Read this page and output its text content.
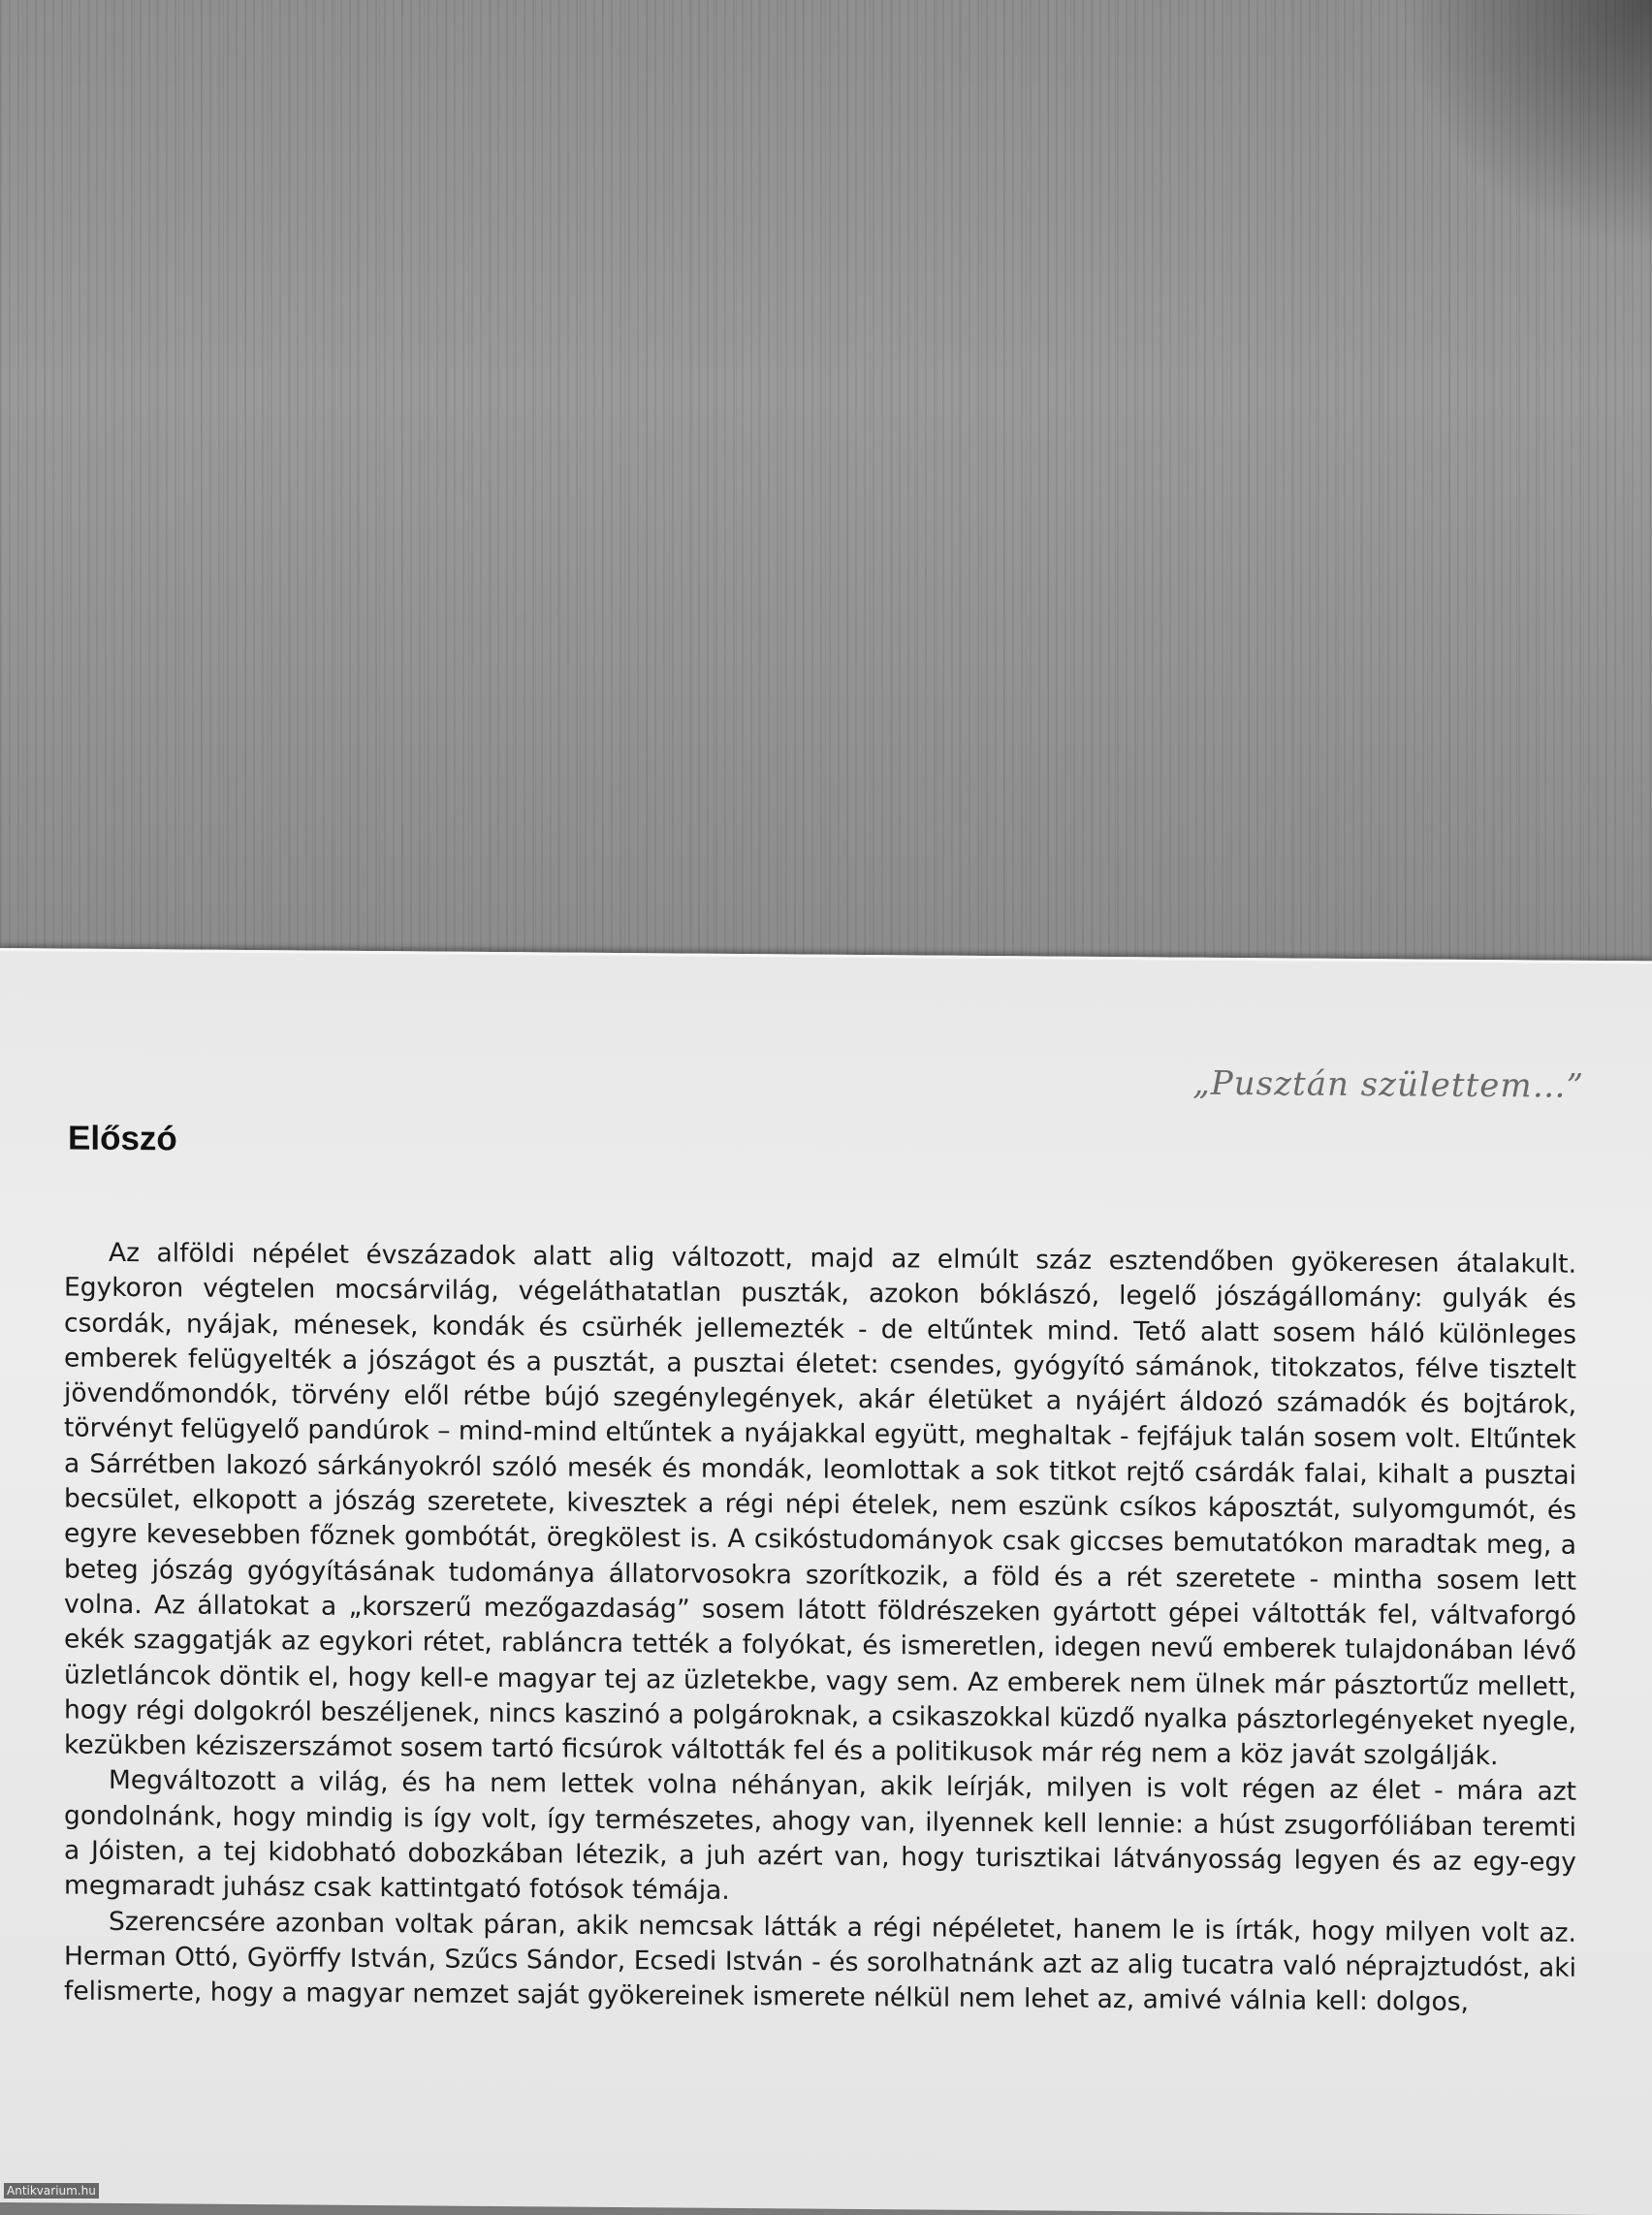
„Pusztán születtem…”
Előszó

Az alföldi népélet évszázadok alatt alig változott, majd az elmúlt száz esztendőben gyökeresen átalakult. Egykoron végtelen mocsárvilág, végeláthatatlan puszták, azokon bóklászó, legelő jószágállomány: gulyák és csordák, nyájak, ménesek, kondák és csürhék jellemezték - de eltűntek mind. Tető alatt sosem háló különleges emberek felügyelték a jószágot és a pusztát, a pusztai életet: csendes, gyógyító sámánok, titokzatos, félve tisztelt jövendőmondók, törvény elől rétbe bújó szegénylegények, akár életüket a nyájért áldozó számadók és bojtárok, törvényt felügyelő pandúrok – mind-mind eltűntek a nyájakkal együtt, meghaltak - fejfájuk talán sosem volt. Eltűntek a Sárrétben lakozó sárkányokról szóló mesék és mondák, leomlottak a sok titkot rejtő csárdák falai, kihalt a pusztai becsület, elkopott a jószág szeretete, kivesztek a régi népi ételek, nem eszünk csíkos káposztát, sulyomgumót, és egyre kevesebben főznek gombótát, öregkölest is. A csikóstudományok csak giccses bemutatókon maradtak meg, a beteg jószág gyógyításának tudománya állatorvosokra szorítkozik, a föld és a rét szeretete - mintha sosem lett volna. Az állatokat a „korszerű mezőgazdaság” sosem látott földrészeken gyártott gépei váltották fel, váltvaforgó ekék szaggatják az egykori rétet, rabláncra tették a folyókat, és ismeretlen, idegen nevű emberek tulajdonában lévő üzletláncok döntik el, hogy kell-e magyar tej az üzletekbe, vagy sem. Az emberek nem ülnek már pásztortűz mellett, hogy régi dolgokról beszéljenek, nincs kaszinó a polgároknak, a csikaszokkal küzdő nyalka pásztorlegényeket nyegle, kezükben kéziszerszámot sosem tartó ficsúrok váltották fel és a politikusok már rég nem a köz javát szolgálják.

Megváltozott a világ, és ha nem lettek volna néhányan, akik leírják, milyen is volt régen az élet - mára azt gondolnánk, hogy mindig is így volt, így természetes, ahogy van, ilyennek kell lennie: a húst zsugorfóliában teremti a Jóisten, a tej kidobható dobozkában létezik, a juh azért van, hogy turisztikai látványosság legyen és az egy-egy megmaradt juhász csak kattintgató fotósok témája.

Szerencsére azonban voltak páran, akik nemcsak látták a régi népéletet, hanem le is írták, hogy milyen volt az. Herman Ottó, Györffy István, Szűcs Sándor, Ecsedi István - és sorolhatnánk azt az alig tucatra való néprajztudóst, aki felismerte, hogy a magyar nemzet saját gyökereinek ismerete nélkül nem lehet az, amivé válnia kell: dolgos,

Antikvarium.hu
